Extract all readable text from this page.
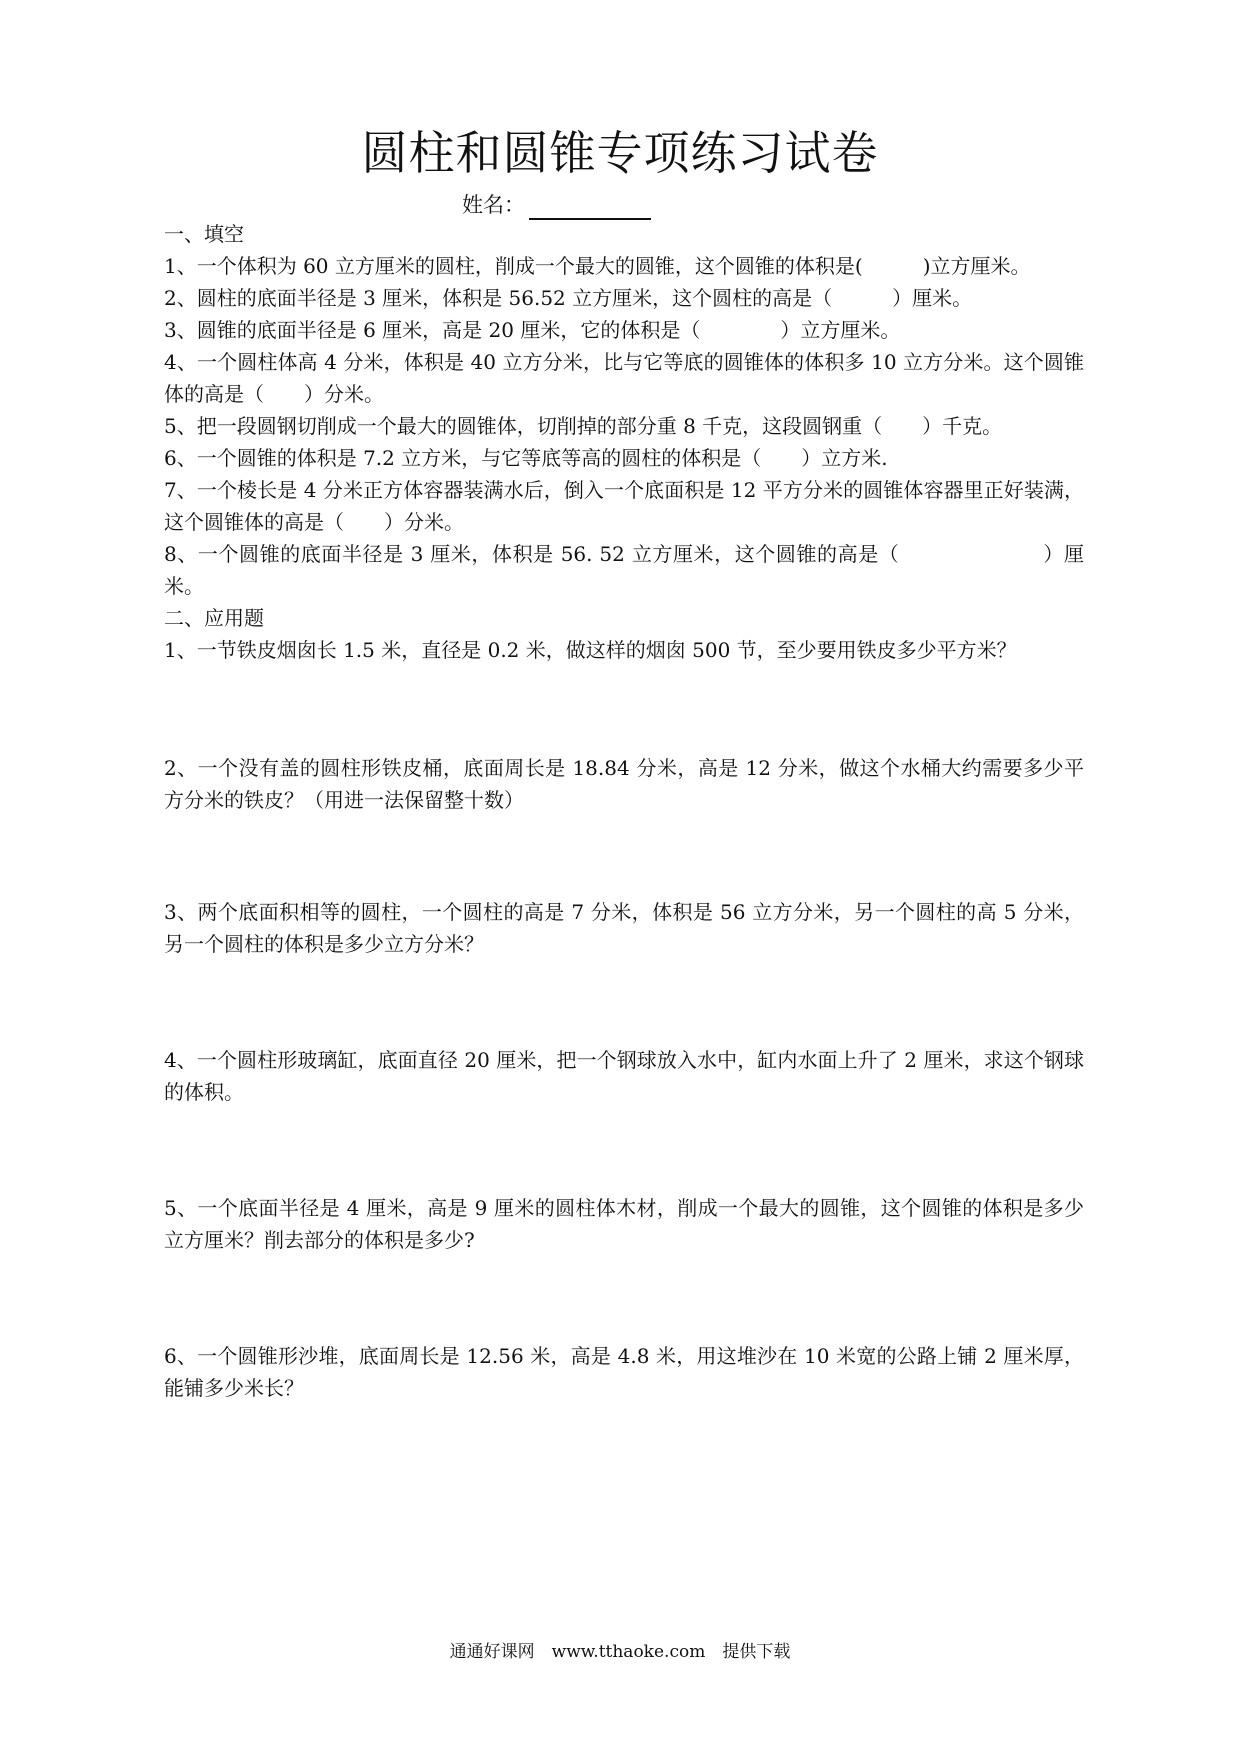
圆柱和圆锥专项练习试卷
姓名：
一、填空
1、一个体积为 60 立方厘米的圆柱，削成一个最大的圆锥，这个圆锥的体积是(　　　)立方厘米。
2、圆柱的底面半径是 3 厘米，体积是 56.52 立方厘米，这个圆柱的高是（　　　）厘米。
3、圆锥的底面半径是 6 厘米，高是 20 厘米，它的体积是（　　　　）立方厘米。
4、一个圆柱体高 4 分米，体积是 40 立方分米，比与它等底的圆锥体的体积多 10 立方分米。这个圆锥体的高是（　　）分米。
5、把一段圆钢切削成一个最大的圆锥体，切削掉的部分重 8 千克，这段圆钢重（　　）千克。
6、一个圆锥的体积是 7.2 立方米，与它等底等高的圆柱的体积是（　　）立方米.
7、一个棱长是 4 分米正方体容器装满水后，倒入一个底面积是 12 平方分米的圆锥体容器里正好装满，这个圆锥体的高是（　　）分米。
8、一个圆锥的底面半径是 3 厘米，体积是 56. 52 立方厘米，这个圆锥的高是（　　　　　　　）厘米。
二、应用题
1、一节铁皮烟囱长 1.5 米，直径是 0.2 米，做这样的烟囱 500 节，至少要用铁皮多少平方米？
2、一个没有盖的圆柱形铁皮桶，底面周长是 18.84 分米，高是 12 分米，做这个水桶大约需要多少平方分米的铁皮？（用进一法保留整十数）
3、两个底面积相等的圆柱，一个圆柱的高是 7 分米，体积是 56 立方分米，另一个圆柱的高 5 分米，另一个圆柱的体积是多少立方分米？
4、一个圆柱形玻璃缸，底面直径 20 厘米，把一个钢球放入水中，缸内水面上升了 2 厘米，求这个钢球的体积。
5、一个底面半径是 4 厘米，高是 9 厘米的圆柱体木材，削成一个最大的圆锥，这个圆锥的体积是多少立方厘米？削去部分的体积是多少?
6、一个圆锥形沙堆，底面周长是 12.56 米，高是 4.8 米，用这堆沙在 10 米宽的公路上铺 2 厘米厚，能铺多少米长？
通通好课网　www.tthaoke.com　提供下载
